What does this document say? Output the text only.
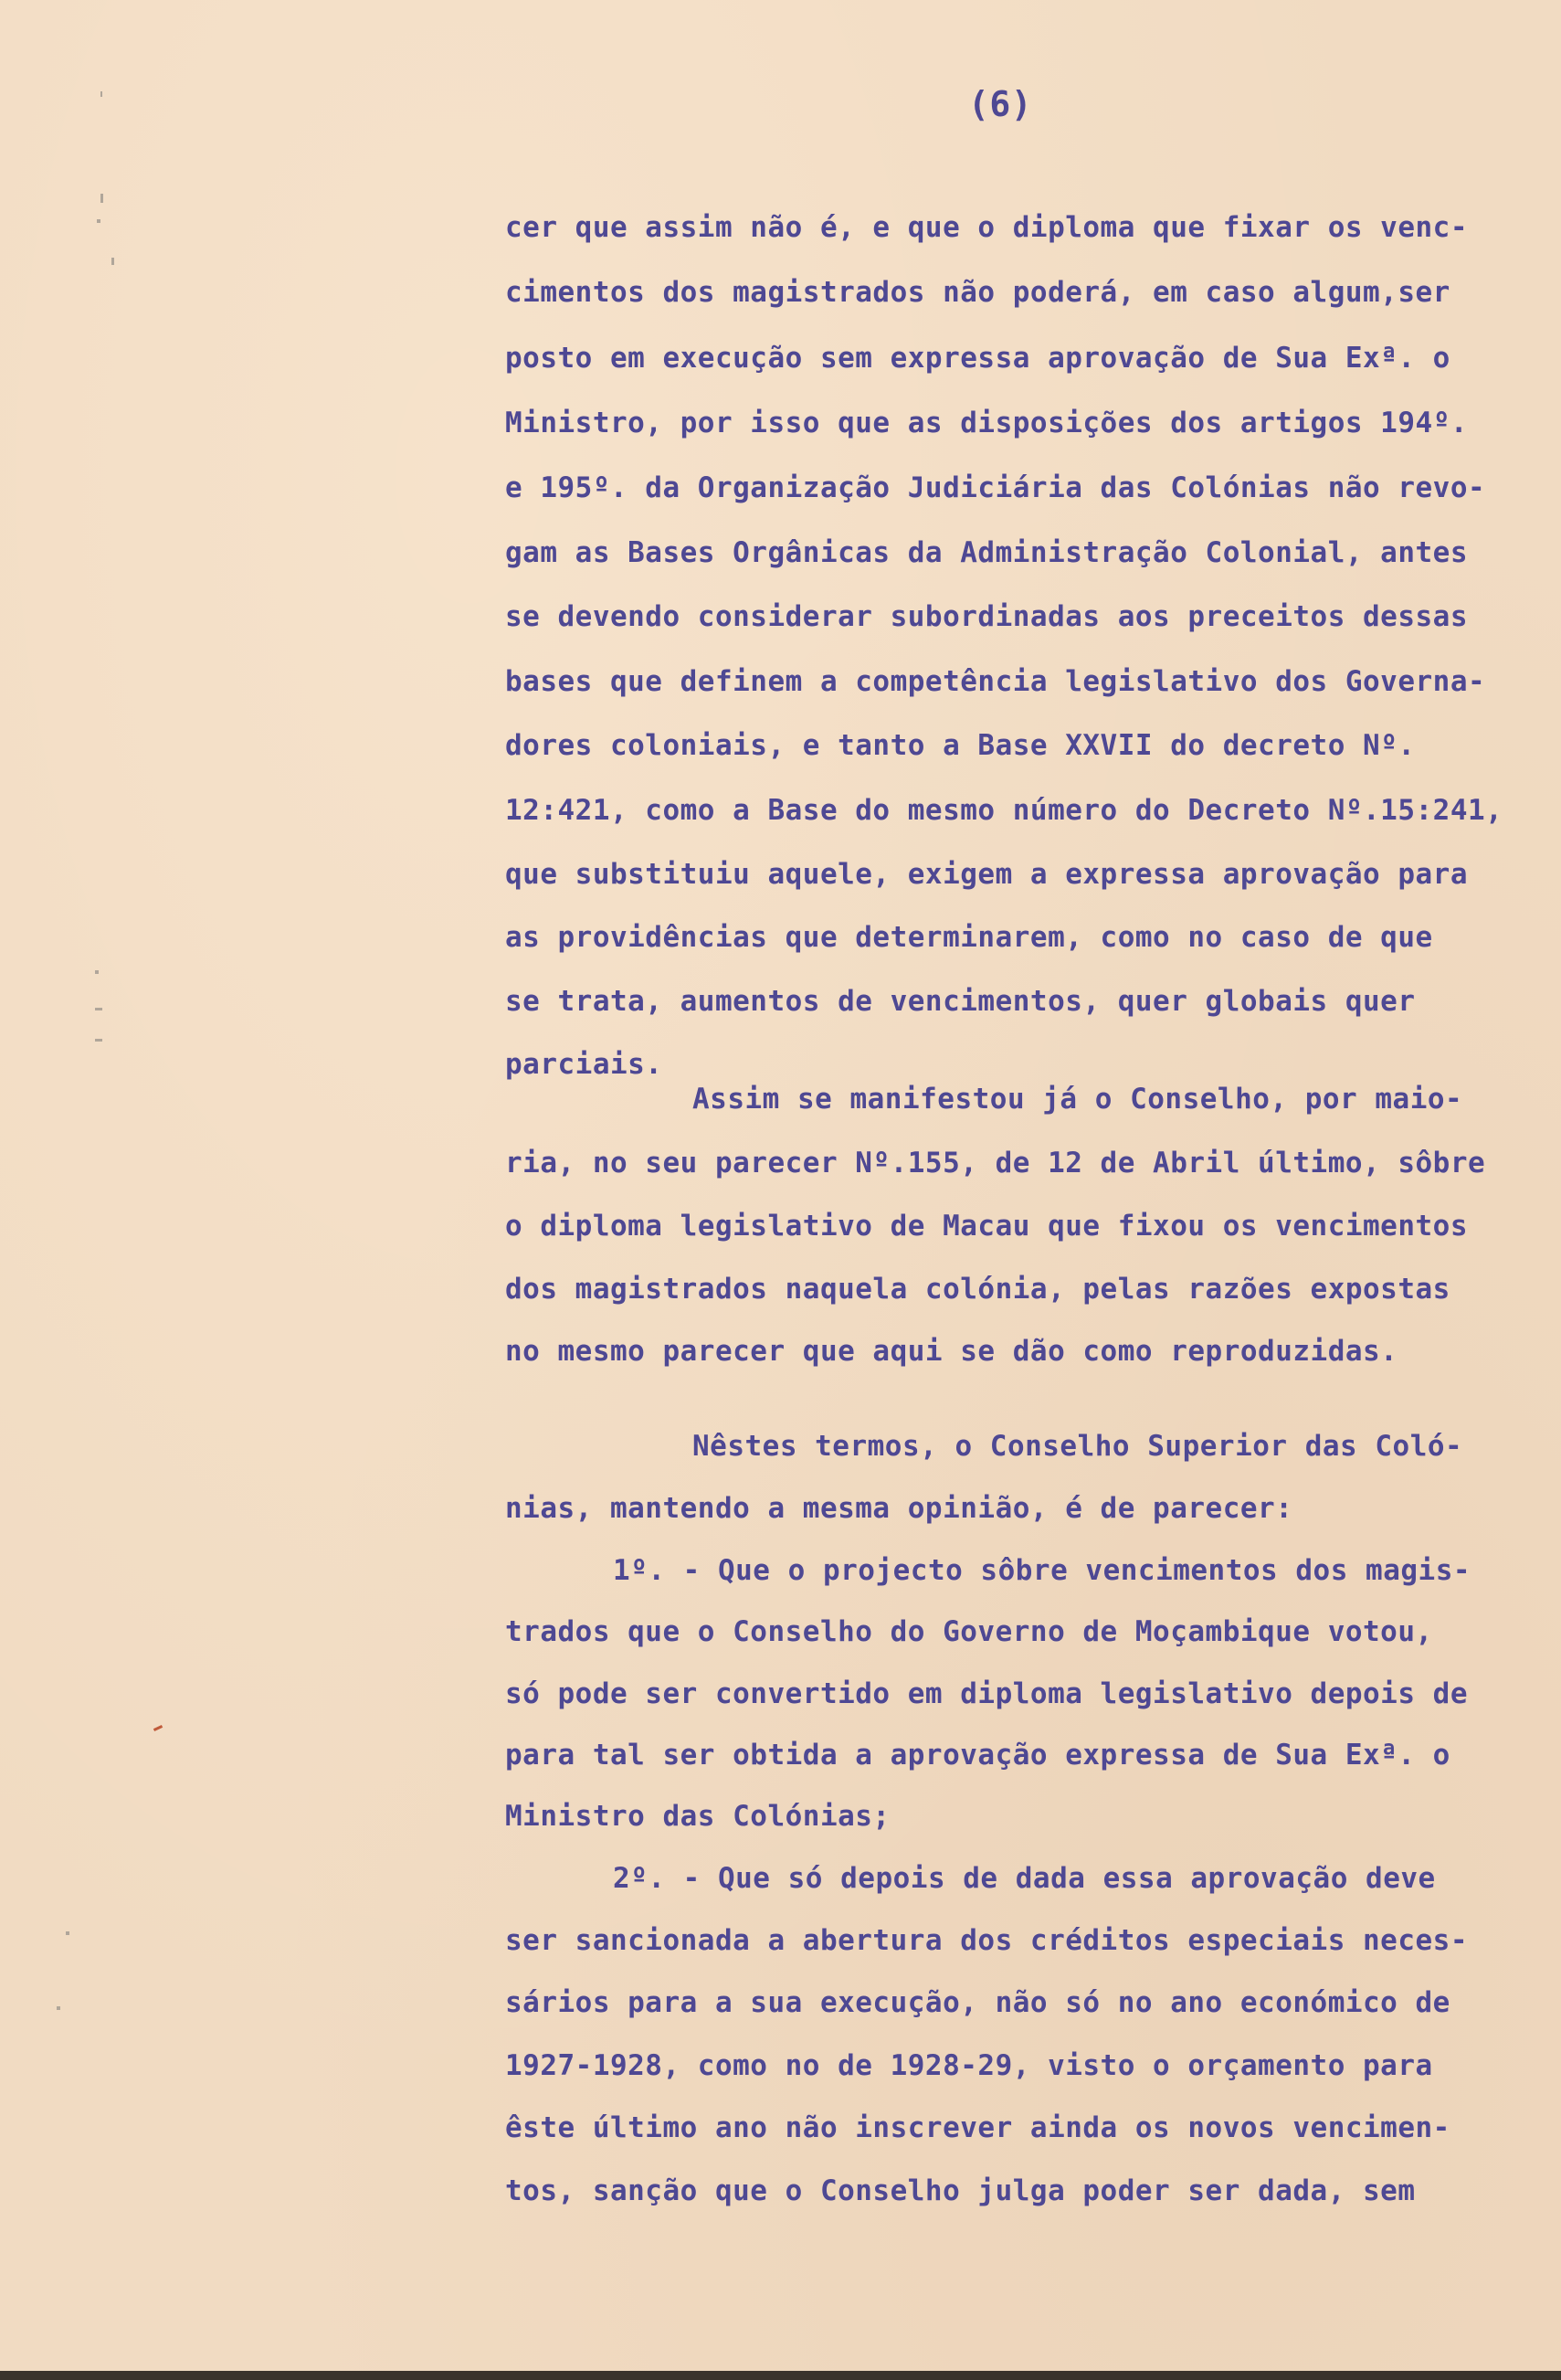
(6)
cer que assim não é, e que o diploma que fixar os venc-
cimentos dos magistrados não poderá, em caso algum,ser
posto em execução sem expressa aprovação de Sua Exª. o
Ministro, por isso que as disposições dos artigos 194º.
e 195º. da Organização Judiciária das Colónias não revo-
gam as Bases Orgânicas da Administração Colonial, antes
se devendo considerar subordinadas aos preceitos dessas
bases que definem a competência legislativo dos Governa-
dores coloniais, e tanto a Base XXVII do decreto Nº.
12:421, como a Base do mesmo número do Decreto Nº.15:241,
que substituiu aquele, exigem a expressa aprovação para
as providências que determinarem, como no caso de que
se trata, aumentos de vencimentos, quer globais quer
parciais.
Assim se manifestou já o Conselho, por maio-
ria, no seu parecer Nº.155, de 12 de Abril último, sôbre
o diploma legislativo de Macau que fixou os vencimentos
dos magistrados naquela colónia, pelas razões expostas
no mesmo parecer que aqui se dão como reproduzidas.
Nêstes termos, o Conselho Superior das Coló-
nias, mantendo a mesma opinião, é de parecer:
1º. - Que o projecto sôbre vencimentos dos magis-
trados que o Conselho do Governo de Moçambique votou,
só pode ser convertido em diploma legislativo depois de
para tal ser obtida a aprovação expressa de Sua Exª. o
Ministro das Colónias;
2º. - Que só depois de dada essa aprovação deve
ser sancionada a abertura dos créditos especiais neces-
sários para a sua execução, não só no ano económico de
1927-1928, como no de 1928-29, visto o orçamento para
êste último ano não inscrever ainda os novos vencimen-
tos, sanção que o Conselho julga poder ser dada, sem
